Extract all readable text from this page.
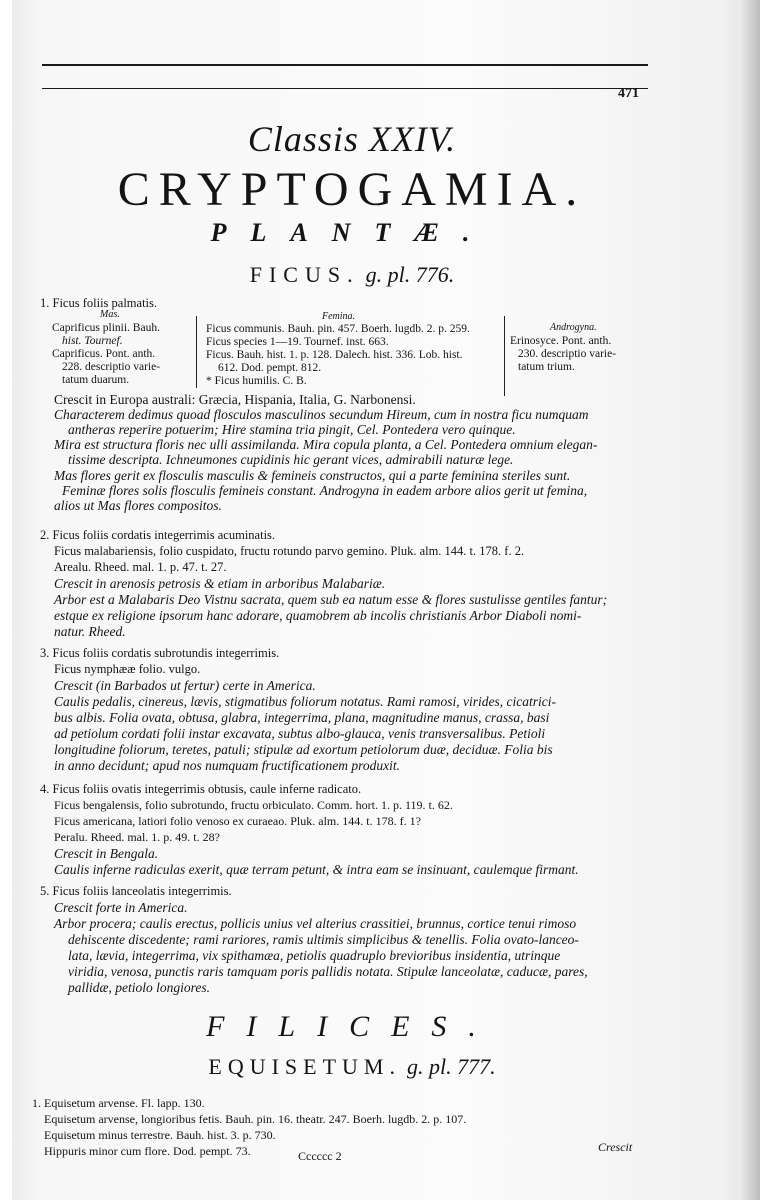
471
Classis XXIV.
CRYPTOGAMIA.
PLANTÆ.
FICUS. g. pl. 776.
1. Ficus foliis palmatis.
Mas.
Caprificus plinii. Bauh.
hist. Tournef.
Caprificus. Pont. anth.
228. descriptio varie-
tatum duarum.
Femina.
Ficus communis. Bauh. pin. 457. Boerh. lugdb. 2. p. 259.
Ficus species 1—19. Tournef. inst. 663.
Ficus. Bauh. hist. 1. p. 128. Dalech. hist. 336. Lob. hist.
612. Dod. pempt. 812.
* Ficus humilis. C. B.
Androgyna.
Erinosyce. Pont. anth.
230. descriptio varie-
tatum trium.
Crescit in Europa australi: Græcia, Hispania, Italia, G. Narbonensi.
Characterem dedimus quoad flosculos masculinos secundum Hireum, cum in nostra ficu numquam
antheras reperire potuerim; Hire stamina tria pingit, Cel. Pontedera vero quinque.
Mira est structura floris nec ulli assimilanda. Mira copula planta, a Cel. Pontedera omnium elegan-
tissime descripta. Ichneumones cupidinis hic gerant vices, admirabili naturæ lege.
Mas flores gerit ex flosculis masculis & femineis constructos, qui a parte feminina steriles sunt.
Feminæ flores solis flosculis femineis constant. Androgyna in eadem arbore alios gerit ut femina,
alios ut Mas flores compositos.
2. Ficus foliis cordatis integerrimis acuminatis.
Ficus malabariensis, folio cuspidato, fructu rotundo parvo gemino. Pluk. alm. 144. t. 178. f. 2.
Arealu. Rheed. mal. 1. p. 47. t. 27.
Crescit in arenosis petrosis & etiam in arboribus Malabariæ.
Arbor est a Malabaris Deo Vistnu sacrata, quem sub ea natum esse & flores sustulisse gentiles fantur;
estque ex religione ipsorum hanc adorare, quamobrem ab incolis christianis Arbor Diaboli nomi-
natur. Rheed.
3. Ficus foliis cordatis subrotundis integerrimis.
Ficus nymphææ folio. vulgo.
Crescit (in Barbados ut fertur) certe in America.
Caulis pedalis, cinereus, lævis, stigmatibus foliorum notatus. Rami ramosi, virides, cicatrici-
bus albis. Folia ovata, obtusa, glabra, integerrima, plana, magnitudine manus, crassa, basi
ad petiolum cordati folii instar excavata, subtus albo-glauca, venis transversalibus. Petioli
longitudine foliorum, teretes, patuli; stipulæ ad exortum petiolorum duæ, deciduæ. Folia bis
in anno decidunt; apud nos numquam fructificationem produxit.
4. Ficus foliis ovatis integerrimis obtusis, caule inferne radicato.
Ficus bengalensis, folio subrotundo, fructu orbiculato. Comm. hort. 1. p. 119. t. 62.
Ficus americana, latiori folio venoso ex curaeao. Pluk. alm. 144. t. 178. f. 1?
Peralu. Rheed. mal. 1. p. 49. t. 28?
Crescit in Bengala.
Caulis inferne radiculas exerit, quæ terram petunt, & intra eam se insinuant, caulemque firmant.
5. Ficus foliis lanceolatis integerrimis.
Crescit forte in America.
Arbor procera; caulis erectus, pollicis unius vel alterius crassitiei, brunnus, cortice tenui rimoso
dehiscente discedente; rami rariores, ramis ultimis simplicibus & tenellis. Folia ovato-lanceo-
lata, lævia, integerrima, vix spithamæa, petiolis quadruplo brevioribus insidentia, utrinque
viridia, venosa, punctis raris tamquam poris pallidis notata. Stipulæ lanceolatæ, caducæ, pares,
pallidæ, petiolo longiores.
FILICES.
EQUISETUM. g. pl. 777.
1. Equisetum arvense. Fl. lapp. 130.
Equisetum arvense, longioribus fetis. Bauh. pin. 16. theatr. 247. Boerh. lugdb. 2. p. 107.
Equisetum minus terrestre. Bauh. hist. 3. p. 730.
Hippuris minor cum flore. Dod. pempt. 73.	Cccccc 2
Crescit
